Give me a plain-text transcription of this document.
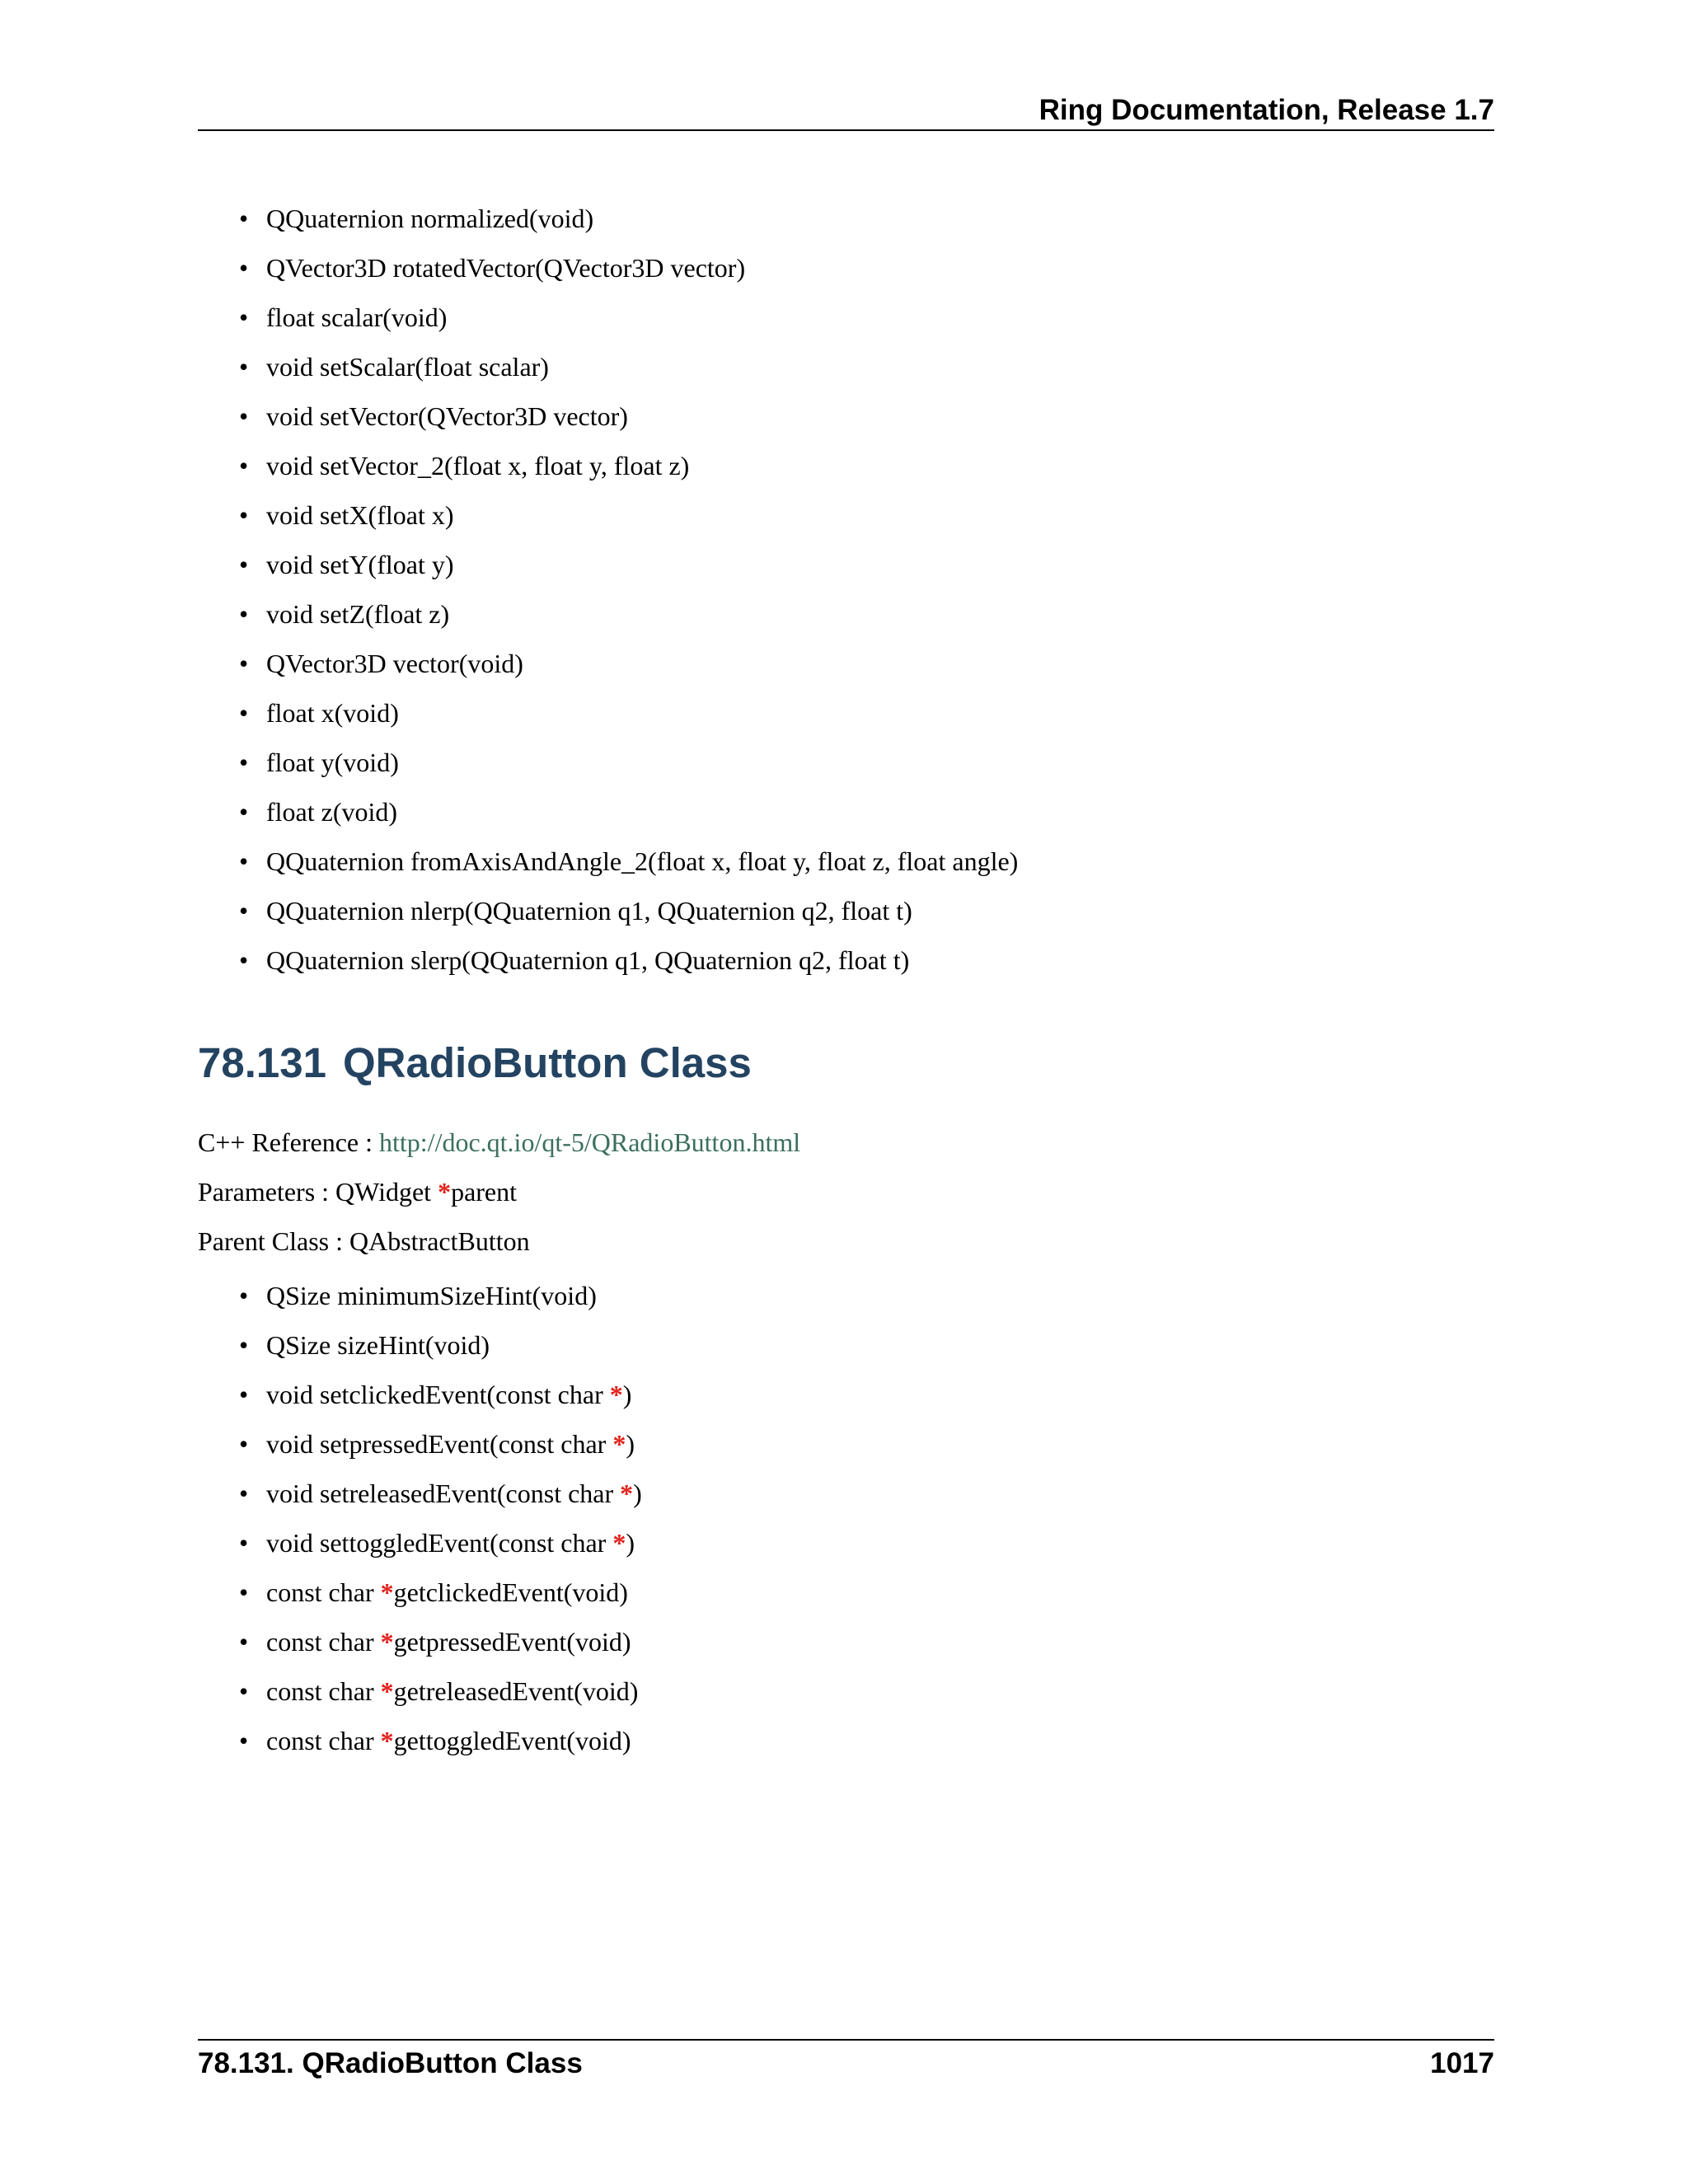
Ring Documentation, Release 1.7
• QQuaternion normalized(void)
• QVector3D rotatedVector(QVector3D vector)
• float scalar(void)
• void setScalar(float scalar)
• void setVector(QVector3D vector)
• void setVector_2(float x, float y, float z)
• void setX(float x)
• void setY(float y)
• void setZ(float z)
• QVector3D vector(void)
• float x(void)
• float y(void)
• float z(void)
• QQuaternion fromAxisAndAngle_2(float x, float y, float z, float angle)
• QQuaternion nlerp(QQuaternion q1, QQuaternion q2, float t)
• QQuaternion slerp(QQuaternion q1, QQuaternion q2, float t)
78.131 QRadioButton Class
C++ Reference : http://doc.qt.io/qt-5/QRadioButton.html
Parameters : QWidget *parent
Parent Class : QAbstractButton
• QSize minimumSizeHint(void)
• QSize sizeHint(void)
• void setclickedEvent(const char *)
• void setpressedEvent(const char *)
• void setreleasedEvent(const char *)
• void settoggledEvent(const char *)
• const char *getclickedEvent(void)
• const char *getpressedEvent(void)
• const char *getreleasedEvent(void)
• const char *gettoggledEvent(void)
78.131. QRadioButton Class	1017
